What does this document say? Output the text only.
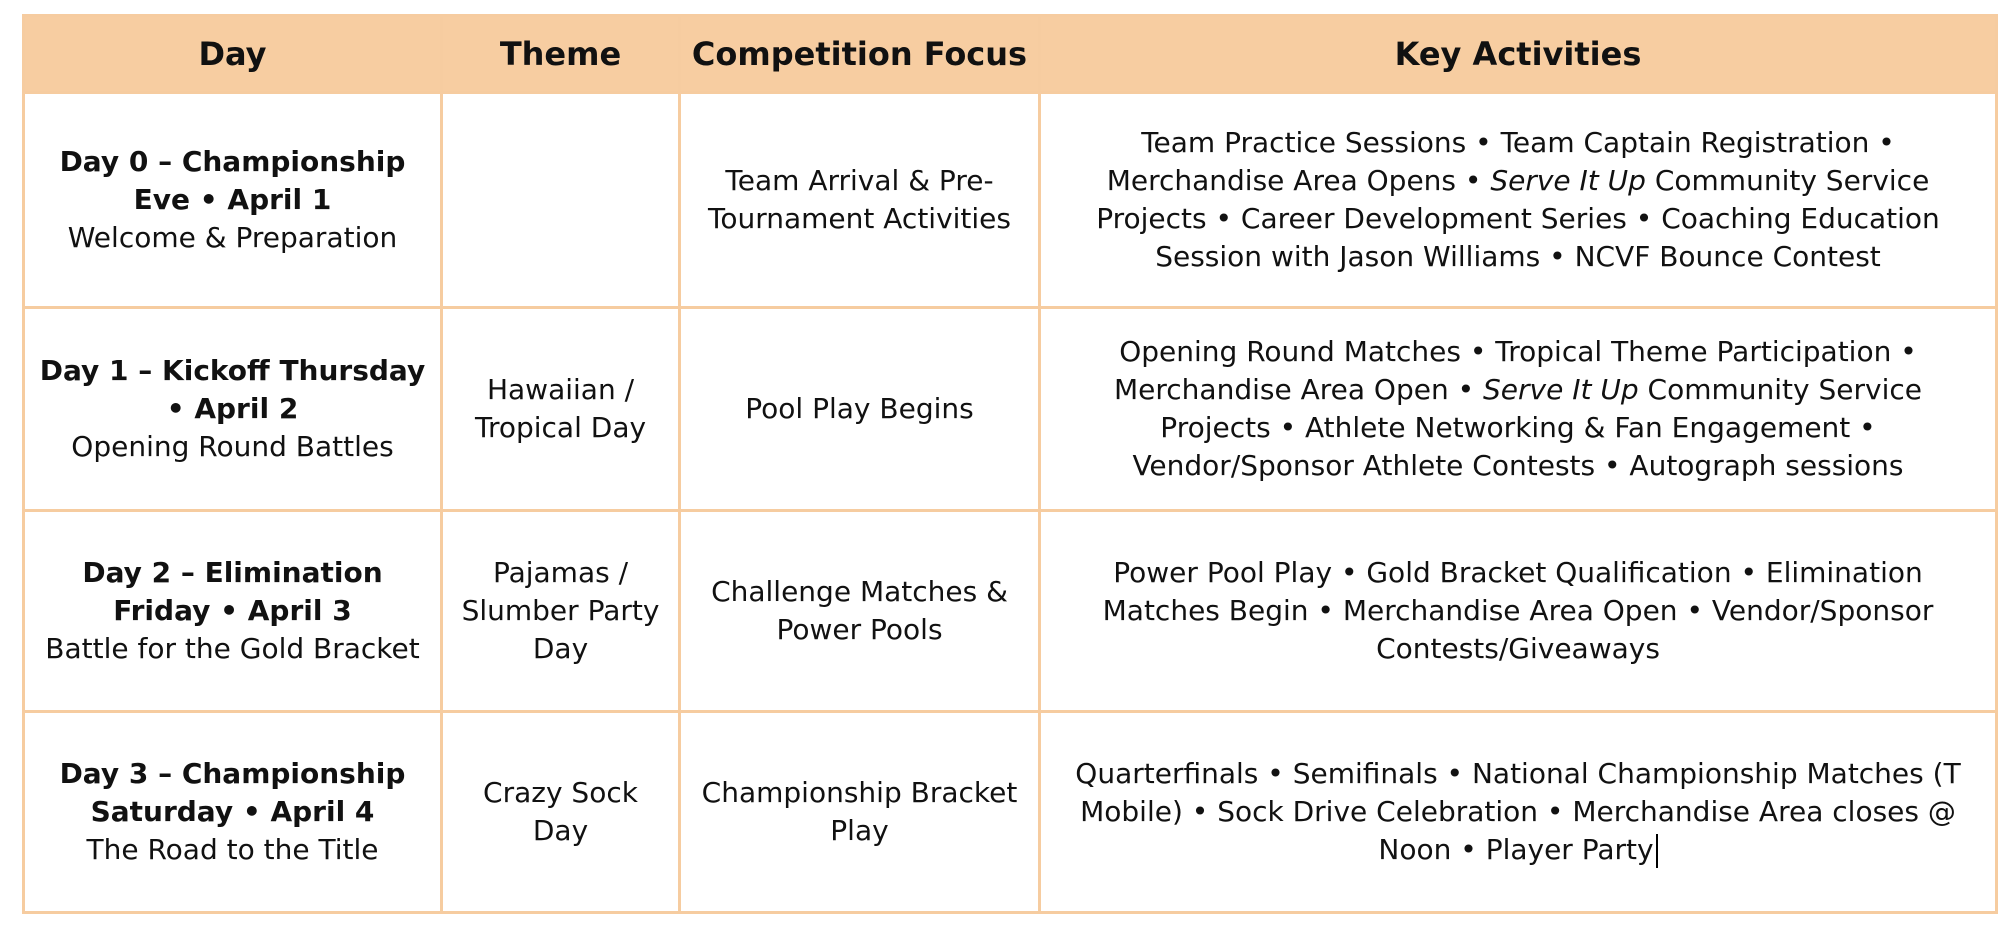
Day	Theme	Competition Focus	Key Activities

Day 0 – Championship Eve • April 1
Welcome & Preparation		Team Arrival & Pre-Tournament Activities	Team Practice Sessions • Team Captain Registration • Merchandise Area Opens • Serve It Up Community Service Projects • Career Development Series • Coaching Education Session with Jason Williams • NCVF Bounce Contest

Day 1 – Kickoff Thursday • April 2
Opening Round Battles	Hawaiian / Tropical Day	Pool Play Begins	Opening Round Matches • Tropical Theme Participation • Merchandise Area Open • Serve It Up Community Service Projects • Athlete Networking & Fan Engagement • Vendor/Sponsor Athlete Contests • Autograph sessions

Day 2 – Elimination Friday • April 3
Battle for the Gold Bracket	Pajamas / Slumber Party Day	Challenge Matches & Power Pools	Power Pool Play • Gold Bracket Qualification • Elimination Matches Begin • Merchandise Area Open • Vendor/Sponsor Contests/Giveaways

Day 3 – Championship Saturday • April 4
The Road to the Title	Crazy Sock Day	Championship Bracket Play	Quarterfinals • Semifinals • National Championship Matches (T Mobile) • Sock Drive Celebration • Merchandise Area closes @ Noon • Player Party
